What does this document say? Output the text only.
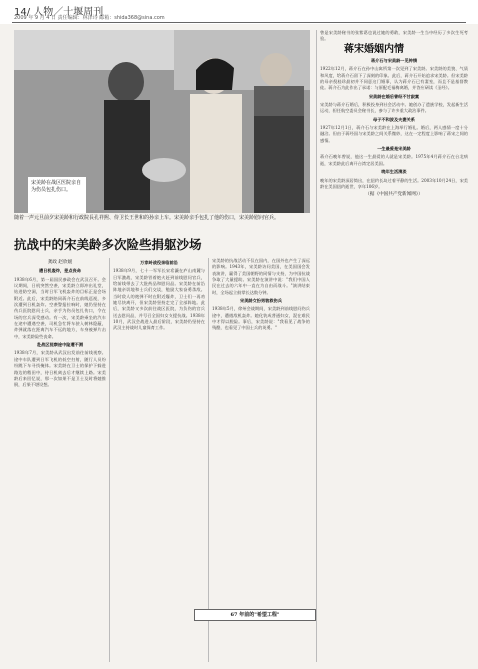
14/ 人物／十堰周刊
2009 年 9 月 4 日 责任编辑：林泽诗 邮箱：shida368@sina.com
宋美龄在战区医院亲自为伤员包扎伤口。
随着一声元旦前夕宋美龄和行政院長孔祥熙、侍卫长王世和的孙亲上车。宋美龄亲手包扎了他的伤口，宋美龄慰问官兵。
抗战中的宋美龄多次险些捐躯沙场
龚政 赵欣媛
遭日机轰炸，差点丧命
1938年6月，第一届国民参政会在武汉召开。会议期间，日机突然空袭，宋美龄立即冲出礼堂，钻进防空洞，当时日军飞机轰炸的目标正是会场附近。此后，宋美龄陪同蒋介石在前线巡视，多次遭到日机轰炸。空袭警报拉响时，她仍坚持在伤兵医院慰问士兵，亲手为伤员包扎伤口，令在场的官兵深受感动。有一次，宋美龄乘坐的汽车在途中遭遇空袭，司机急忙将车驶入树林隐蔽，炸弹就落在距离汽车不远的地方，车身被弹片击中，宋美龄险些丧命。
赴战区视察途中险遭不测
1938年7月，宋美龄从武汉出发前往前线视察。途中车队遭到日军飞机的低空扫射，随行人员纷纷跳下车寻找掩体。宋美龄在卫士的保护下躲进路边的稻田中，待日机离去后才继续上路。宋美龄后来回忆说，那一次如果不是卫士及时将她推倒，后果不堪设想。
万家岭战役亲临前沿
1938年9月，七十一军军长宋希濂在庐山南麓与日军激战，宋美龄冒着炮火赶到前线慰问官兵，给前线带去了大批药品和慰问品。宋美龄在前沿阵地亲切地和士兵们交谈，勉励大家奋勇杀敌。当时敌人的炮弹不时在附近爆炸，卫士们一再劝她尽快离开，但宋美龄坚持走完了全部阵地。此后，宋美龄又多次前往战区医院，为负伤的官兵送去慰问品，并号召全国妇女支援抗战。1938年10月，武汉会战进入最后阶段，宋美龄仍坚持在武汉主持战时儿童保育工作。
宋美龄的抗战活动不仅在国内，在国外也产生了深远的影响。1943年，宋美龄访问美国，在美国国会发表演讲，赢得了美国朝野的同情与支持，为中国抗战争取了大量援助。宋美龄在演讲中说："我们中国人民在过去的六年中一直在为自由而战斗。"演讲结束时，全场起立鼓掌长达数分钟。
宋美龄女扮男装救伤兵
1938年5月，徐州会战期间，宋美龄到前线慰问伤兵途中，遭遇敌机轰炸。她化装成普通妇女，混在难民中才得以脱险。事后，宋美龄说："我看见了战争的残酷，也看见了中国士兵的英勇。"
67 年前的"希望工程"
曾是宋美龄秘书的张紫葛也说过她的勇敢，宋美龄一生当中经历了多次生死考验。
蒋宋婚姻内情
蒋介石与宋美龄一见钟情
1922年12月，蒋介石在孙中山寓所第一次见到了宋美龄。宋美龄的美貌、气质和风度，给蒋介石留下了深刻的印象。此后，蒋介石开始追求宋美龄。但宋美龄的母亲倪桂珍最初并不同意这门婚事，认为蒋介石已有妻室，而且不是基督教徒。蒋介石为此作出了承诺：与原配毛福梅离婚，并答应研读《圣经》。
宋美龄在婚后曾经不甘寂寞
宋美龄与蒋介石婚后，积极投身到社会活动中。她创办了遗族学校，发起新生活运动，担任航空委员会秘书长，参与了许多重大政治事件。
母子不和波及夫妻关系
1927年12月1日，蒋介石与宋美龄在上海举行婚礼。婚后，两人感情一度十分融洽。但由于蒋经国与宋美龄之间关系微妙，这在一定程度上影响了蒋宋之间的感情。
一生最爱是宋美龄
蒋介石晚年曾说，他这一生最爱的人就是宋美龄。1975年4月蒋介石在台北病逝，宋美龄此后离开台湾定居美国。
晚年生活清淡
晚年的宋美龄深居简出，在纽约长岛过着平静的生活。2003年10月24日，宋美龄在美国纽约逝世，享年106岁。
（据《中国共产党新闻网》）
